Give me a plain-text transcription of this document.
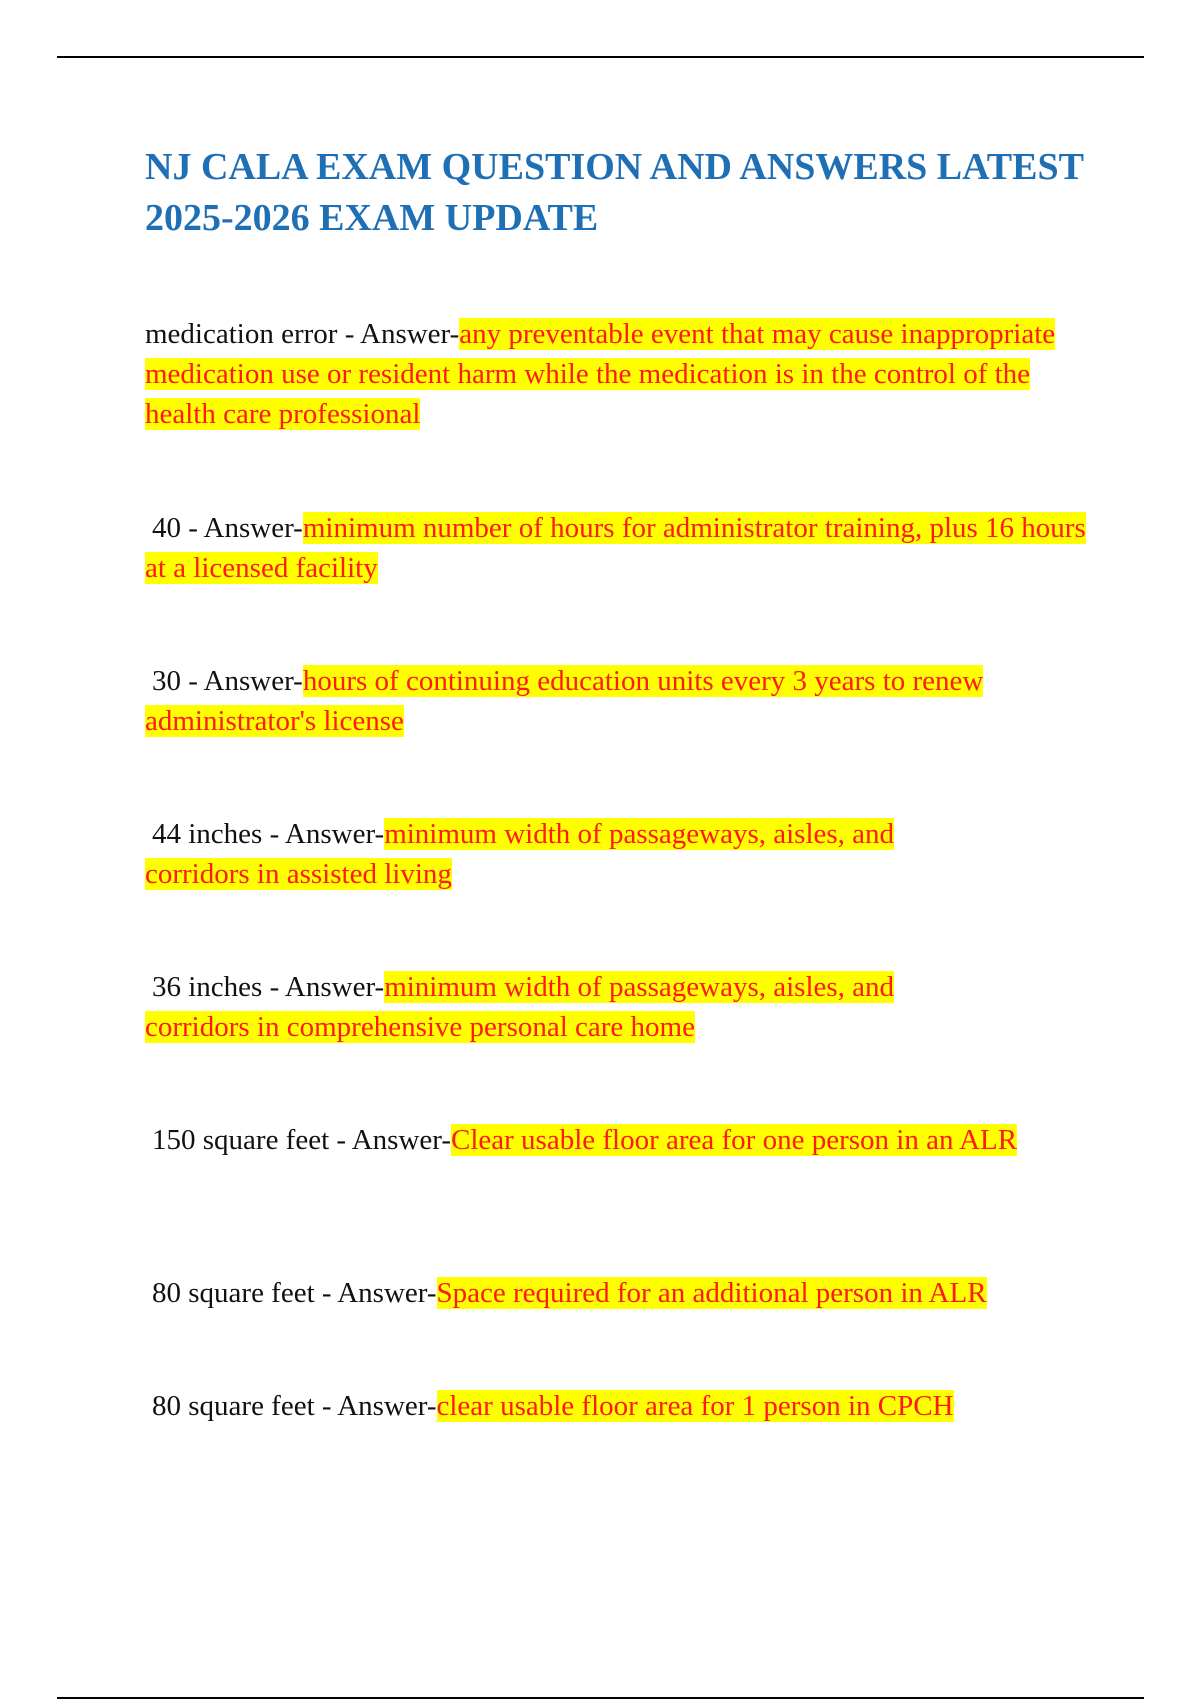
NJ CALA EXAM QUESTION AND ANSWERS LATEST 2025-2026 EXAM UPDATE

medication error - Answer-any preventable event that may cause inappropriate medication use or resident harm while the medication is in the control of the health care professional

40 - Answer-minimum number of hours for administrator training, plus 16 hours at a licensed facility

30 - Answer-hours of continuing education units every 3 years to renew administrator's license

44 inches - Answer-minimum width of passageways, aisles, and corridors in assisted living

36 inches - Answer-minimum width of passageways, aisles, and corridors in comprehensive personal care home

150 square feet - Answer-Clear usable floor area for one person in an ALR

80 square feet - Answer-Space required for an additional person in ALR

80 square feet - Answer-clear usable floor area for 1 person in CPCH
